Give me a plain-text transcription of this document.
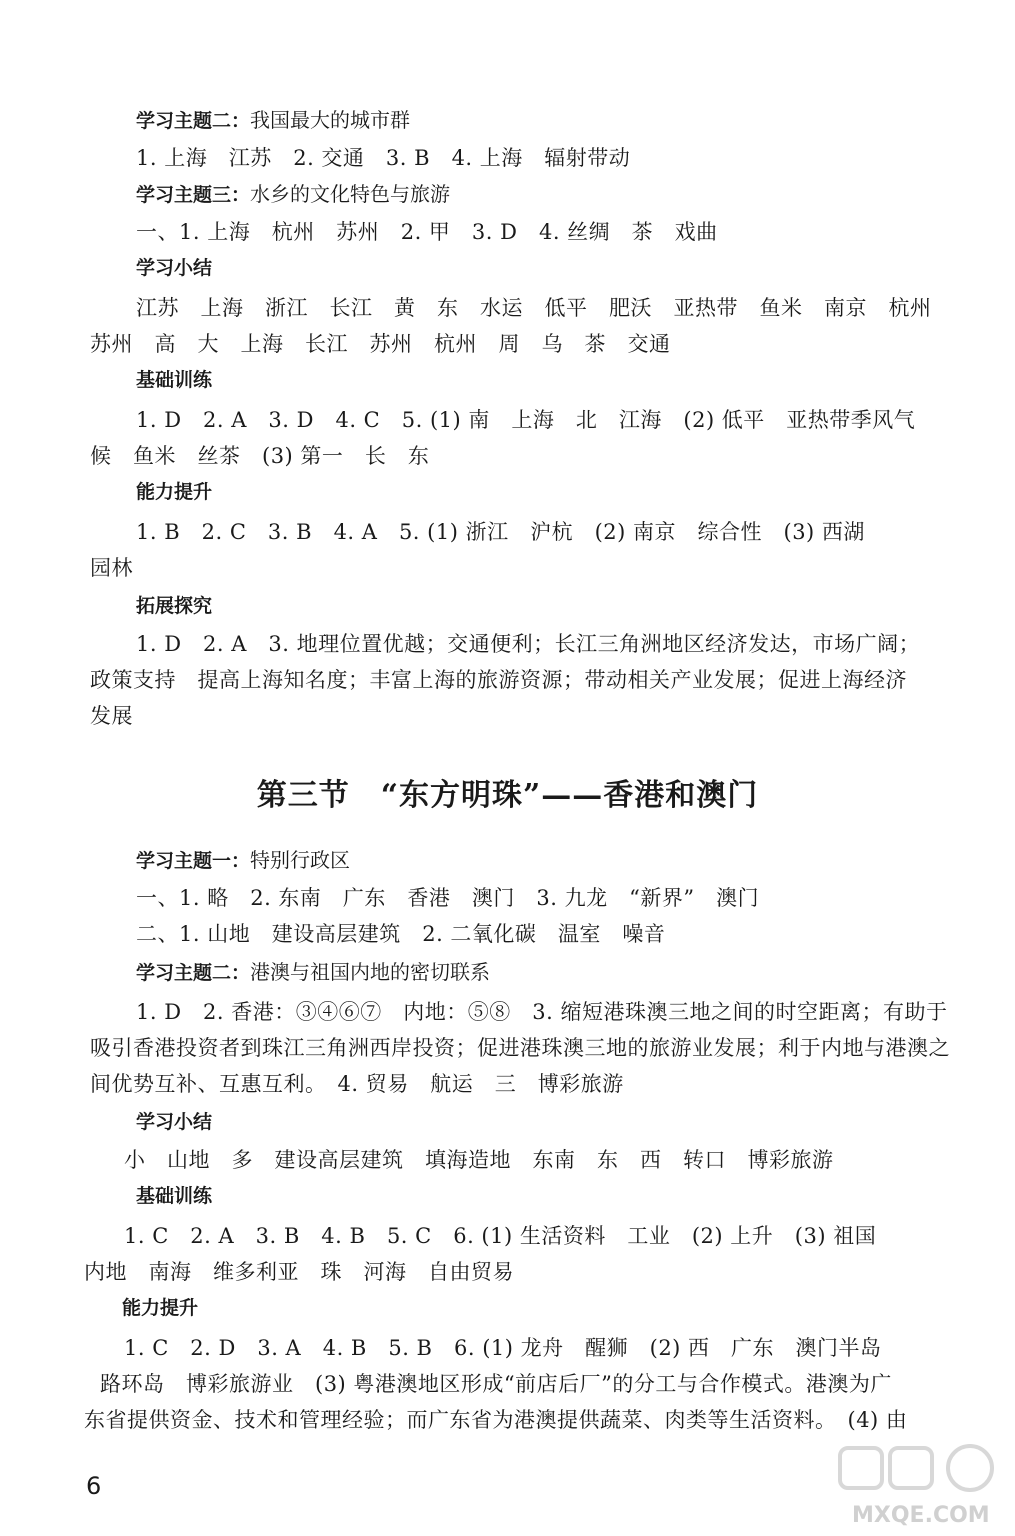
学习主题二：我国最大的城市群
1. 上海　江苏　2. 交通　3. B　4. 上海　辐射带动
学习主题三：水乡的文化特色与旅游
一、1. 上海　杭州　苏州　2. 甲　3. D　4. 丝绸　茶　戏曲
学习小结
江苏　上海　浙江　长江　黄　东　水运　低平　肥沃　亚热带　鱼米　南京　杭州
苏州　高　大　上海　长江　苏州　杭州　周　乌　茶　交通
基础训练
1. D　2. A　3. D　4. C　5. (1) 南　上海　北　江海　(2) 低平　亚热带季风气
候　鱼米　丝茶　(3) 第一　长　东
能力提升
1. B　2. C　3. B　4. A　5. (1) 浙江　沪杭　(2) 南京　综合性　(3) 西湖
园林
拓展探究
1. D　2. A　3. 地理位置优越；交通便利；长江三角洲地区经济发达，市场广阔；
政策支持　提高上海知名度；丰富上海的旅游资源；带动相关产业发展；促进上海经济
发展
第三节　“东方明珠”——香港和澳门
学习主题一：特别行政区
一、1. 略　2. 东南　广东　香港　澳门　3. 九龙　“新界”　澳门
二、1. 山地　建设高层建筑　2. 二氧化碳　温室　噪音
学习主题二：港澳与祖国内地的密切联系
1. D　2. 香港：③④⑥⑦　内地：⑤⑧　3. 缩短港珠澳三地之间的时空距离；有助于
吸引香港投资者到珠江三角洲西岸投资；促进港珠澳三地的旅游业发展；利于内地与港澳之
间优势互补、互惠互利。　4. 贸易　航运　三　博彩旅游
学习小结
小　山地　多　建设高层建筑　填海造地　东南　东　西　转口　博彩旅游
基础训练
1. C　2. A　3. B　4. B　5. C　6. (1) 生活资料　工业　(2) 上升　(3) 祖国
内地　南海　维多利亚　珠　河海　自由贸易
能力提升
1. C　2. D　3. A　4. B　5. B　6. (1) 龙舟　醒狮　(2) 西　广东　澳门半岛
路环岛　博彩旅游业　(3) 粤港澳地区形成“前店后厂”的分工与合作模式。港澳为广
东省提供资金、技术和管理经验；而广东省为港澳提供蔬菜、肉类等生活资料。　(4) 由
6
MXQE.COM
